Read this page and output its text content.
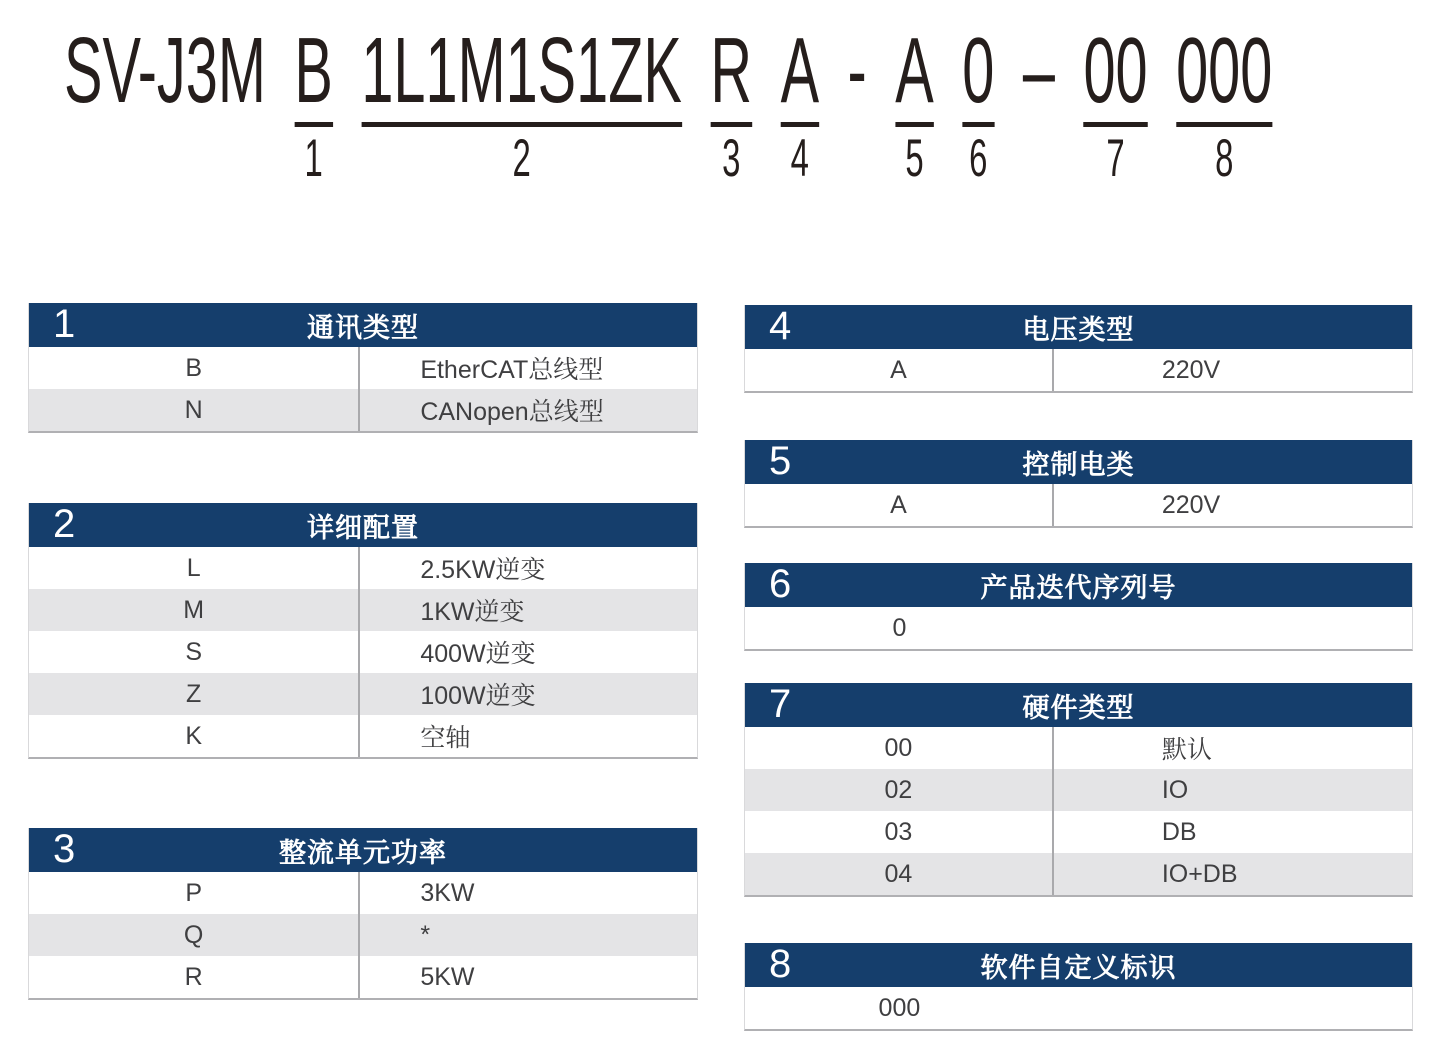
SV-J3M B
1
1L1M1S1ZK
2
R
3
A
4
- A
5
0
6
– 00
7
000
8
1	通讯类型
B	EtherCAT总线型
N	CANopen总线型
2	详细配置
L	2.5KW逆变
M	1KW逆变
S	400W逆变
Z	100W逆变
K	空轴
3	整流单元功率
P	3KW
Q	*
R	5KW
4	电压类型
A	220V
5	控制电类
A	220V
6	产品迭代序列号
0
7	硬件类型
00	默认
02	IO
03	DB
04	IO+DB
8	软件自定义标识
000
